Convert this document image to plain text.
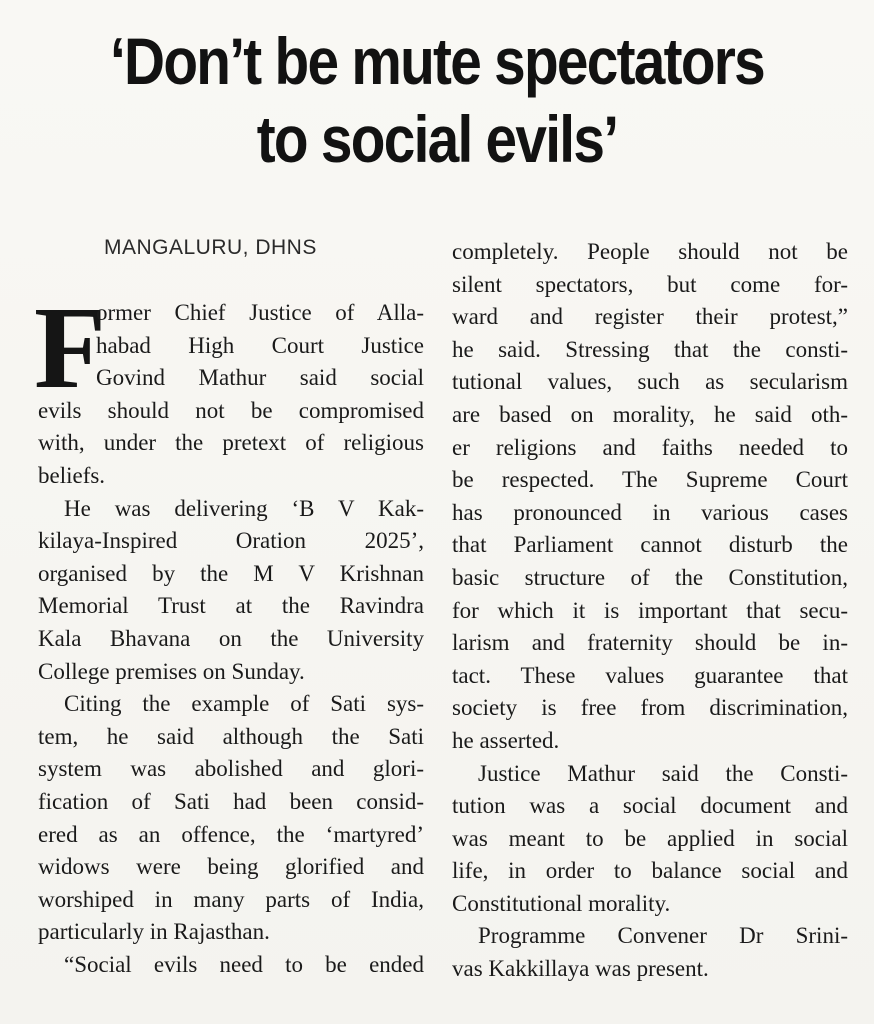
‘Don’t be mute spectators
to social evils’
MANGALURU, DHNS
F
ormer Chief Justice of Alla-
habad High Court Justice
Govind Mathur said social
evils should not be compromised
with, under the pretext of religious
beliefs.
He was delivering ‘B V Kak-
kilaya-Inspired Oration 2025’,
organised by the M V Krishnan
Memorial Trust at the Ravindra
Kala Bhavana on the University
College premises on Sunday.
Citing the example of Sati sys-
tem, he said although the Sati
system was abolished and glori-
fication of Sati had been consid-
ered as an offence, the ‘martyred’
widows were being glorified and
worshiped in many parts of India,
particularly in Rajasthan.
“Social evils need to be ended
completely. People should not be
silent spectators, but come for-
ward and register their protest,”
he said. Stressing that the consti-
tutional values, such as secularism
are based on morality, he said oth-
er religions and faiths needed to
be respected. The Supreme Court
has pronounced in various cases
that Parliament cannot disturb the
basic structure of the Constitution,
for which it is important that secu-
larism and fraternity should be in-
tact. These values guarantee that
society is free from discrimination,
he asserted.
Justice Mathur said the Consti-
tution was a social document and
was meant to be applied in social
life, in order to balance social and
Constitutional morality.
Programme Convener Dr Srini-
vas Kakkillaya was present.
